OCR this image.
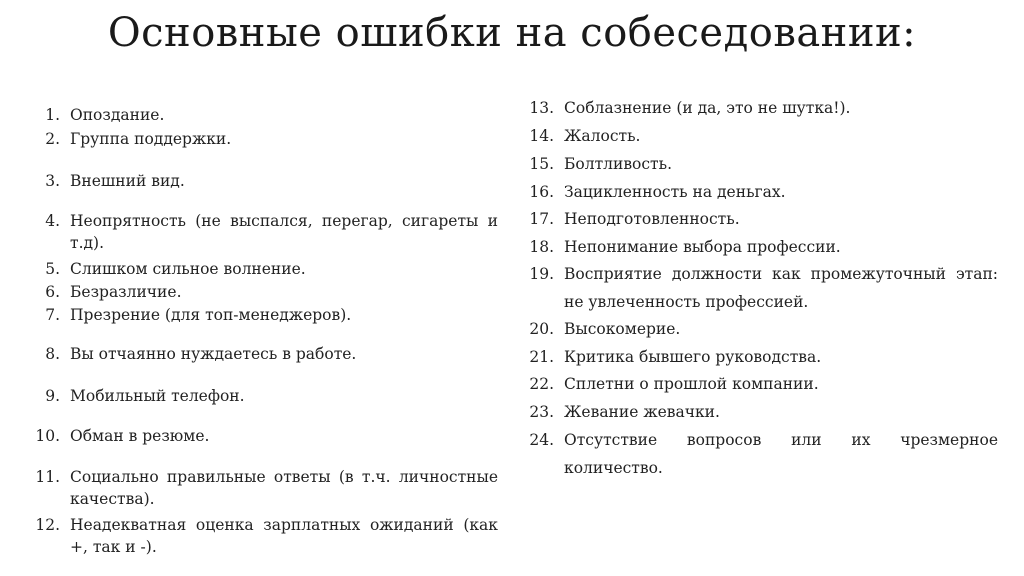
Основные ошибки на собеседовании:
1. Опоздание.
2. Группа поддержки.
3. Внешний вид.
4. Неопрятность (не выспался, перегар, сигареты и т.д).
5. Слишком сильное волнение.
6. Безразличие.
7. Презрение (для топ-менеджеров).
8. Вы отчаянно нуждаетесь в работе.
9. Мобильный телефон.
10. Обман в резюме.
11. Социально правильные ответы (в т.ч. личностные качества).
12. Неадекватная оценка зарплатных ожиданий (как +, так и -).
13. Соблазнение (и да, это не шутка!).
14. Жалость.
15. Болтливость.
16. Зацикленность на деньгах.
17. Неподготовленность.
18. Непонимание выбора профессии.
19. Восприятие должности как промежуточный этап: не увлеченность профессией.
20. Высокомерие.
21. Критика бывшего руководства.
22. Сплетни о прошлой компании.
23. Жевание жевачки.
24. Отсутствие вопросов или их чрезмерное количество.
